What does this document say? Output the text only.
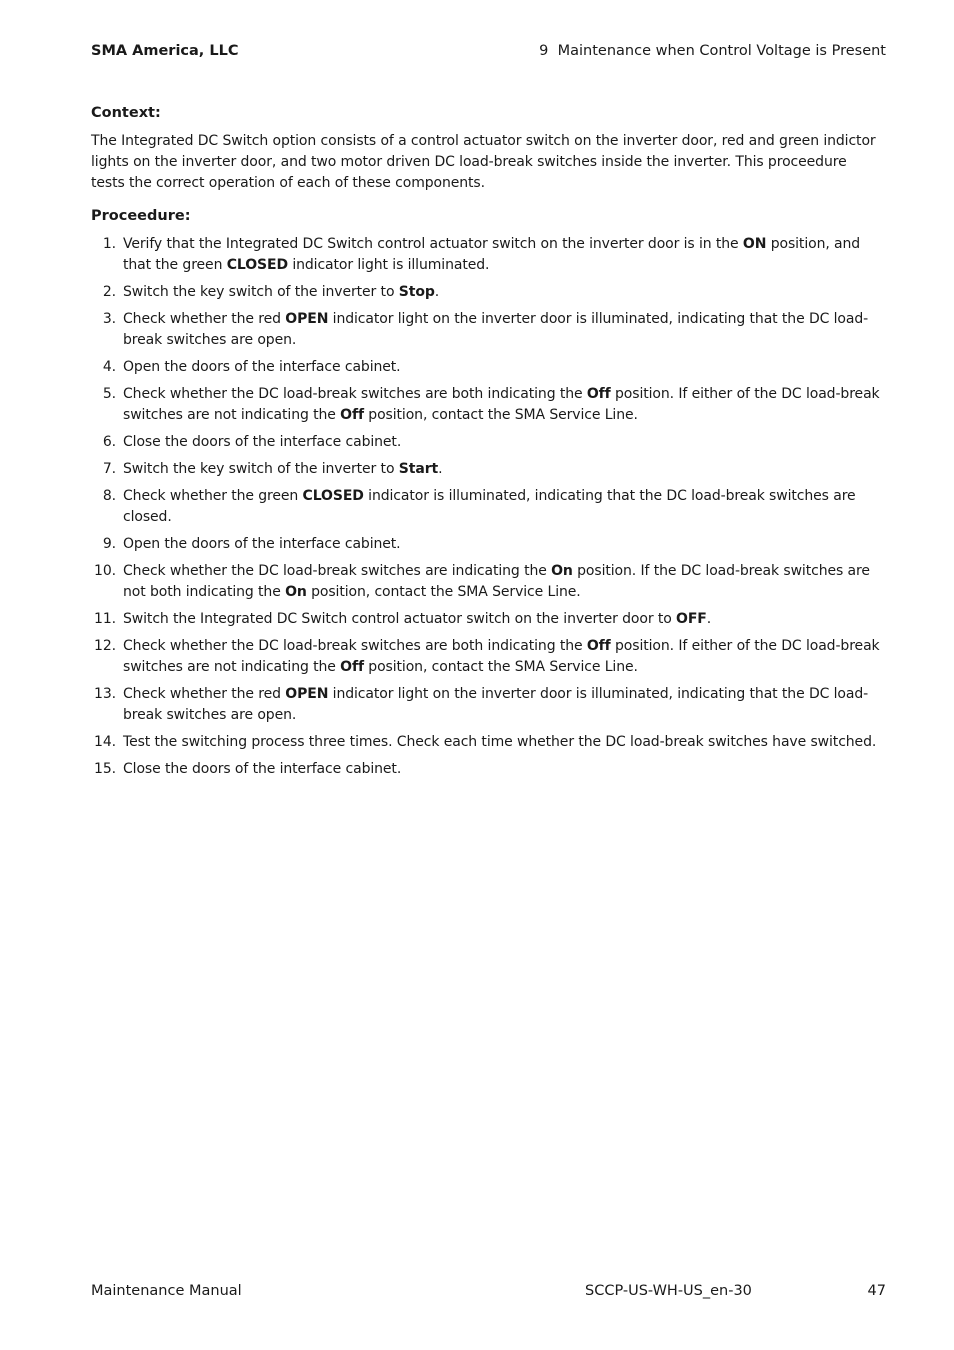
SMA America, LLC	9  Maintenance when Control Voltage is Present
Context:

The Integrated DC Switch option consists of a control actuator switch on the inverter door, red and green indictor lights on the inverter door, and two motor driven DC load-break switches inside the inverter. This proceedure tests the correct operation of each of these components.

Proceedure:
1. Verify that the Integrated DC Switch control actuator switch on the inverter door is in the ON position, and that the green CLOSED indicator light is illuminated.
2. Switch the key switch of the inverter to Stop.
3. Check whether the red OPEN indicator light on the inverter door is illuminated, indicating that the DC load-break switches are open.
4. Open the doors of the interface cabinet.
5. Check whether the DC load-break switches are both indicating the Off position. If either of the DC load-break switches are not indicating the Off position, contact the SMA Service Line.
6. Close the doors of the interface cabinet.
7. Switch the key switch of the inverter to Start.
8. Check whether the green CLOSED indicator is illuminated, indicating that the DC load-break switches are closed.
9. Open the doors of the interface cabinet.
10. Check whether the DC load-break switches are indicating the On position. If the DC load-break switches are not both indicating the On position, contact the SMA Service Line.
11. Switch the Integrated DC Switch control actuator switch on the inverter door to OFF.
12. Check whether the DC load-break switches are both indicating the Off position. If either of the DC load-break switches are not indicating the Off position, contact the SMA Service Line.
13. Check whether the red OPEN indicator light on the inverter door is illuminated, indicating that the DC load-break switches are open.
14. Test the switching process three times. Check each time whether the DC load-break switches have switched.
15. Close the doors of the interface cabinet.
Maintenance Manual	SCCP-US-WH-US_en-30	47
